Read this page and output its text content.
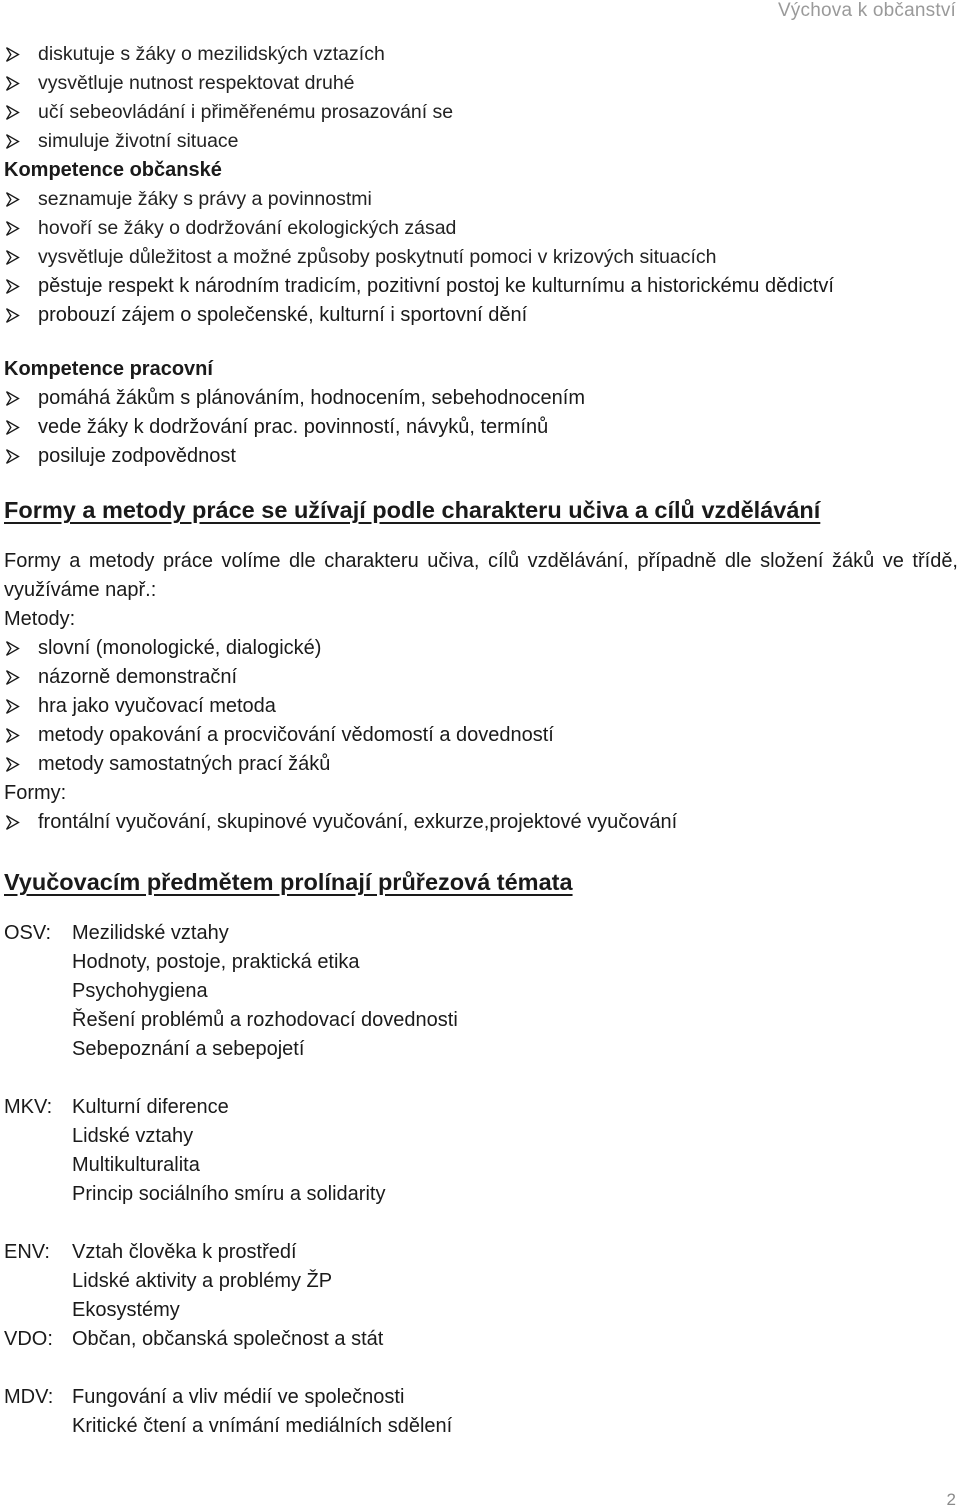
Výchova k občanství
diskutuje s žáky o mezilidských vztazích
vysvětluje nutnost respektovat druhé
učí sebeovládání i přiměřenému prosazování se
simuluje životní situace
Kompetence občanské
seznamuje žáky s právy a povinnostmi
hovoří se žáky o dodržování ekologických zásad
vysvětluje důležitost a možné způsoby poskytnutí pomoci v krizových situacích
pěstuje respekt k národním tradicím, pozitivní postoj ke kulturnímu a historickému dědictví
probouzí zájem o společenské, kulturní i sportovní dění
Kompetence pracovní
pomáhá žákům s plánováním, hodnocením, sebehodnocením
vede žáky k dodržování prac. povinností, návyků, termínů
posiluje zodpovědnost
Formy a metody práce se užívají podle charakteru učiva a cílů vzdělávání
Formy a metody práce volíme dle charakteru učiva, cílů vzdělávání, případně dle složení žáků ve třídě, využíváme např.:
Metody:
slovní (monologické, dialogické)
názorně demonstrační
hra jako vyučovací metoda
metody opakování a procvičování vědomostí a dovedností
metody samostatných prací žáků
Formy:
frontální vyučování, skupinové vyučování, exkurze,projektové vyučování
Vyučovacím předmětem prolínají průřezová témata
OSV:	Mezilidské vztahy
Hodnoty, postoje, praktická etika
Psychohygiena
Řešení problémů a rozhodovací dovednosti
Sebepoznání a sebepojetí
MKV: Kulturní diference
Lidské vztahy
Multikulturalita
Princip sociálního smíru a solidarity
ENV:	Vztah člověka k prostředí
Lidské aktivity a problémy ŽP
Ekosystémy
VDO: Občan, občanská společnost a stát
MDV: Fungování a vliv médií ve společnosti
Kritické čtení a vnímání mediálních sdělení
2
